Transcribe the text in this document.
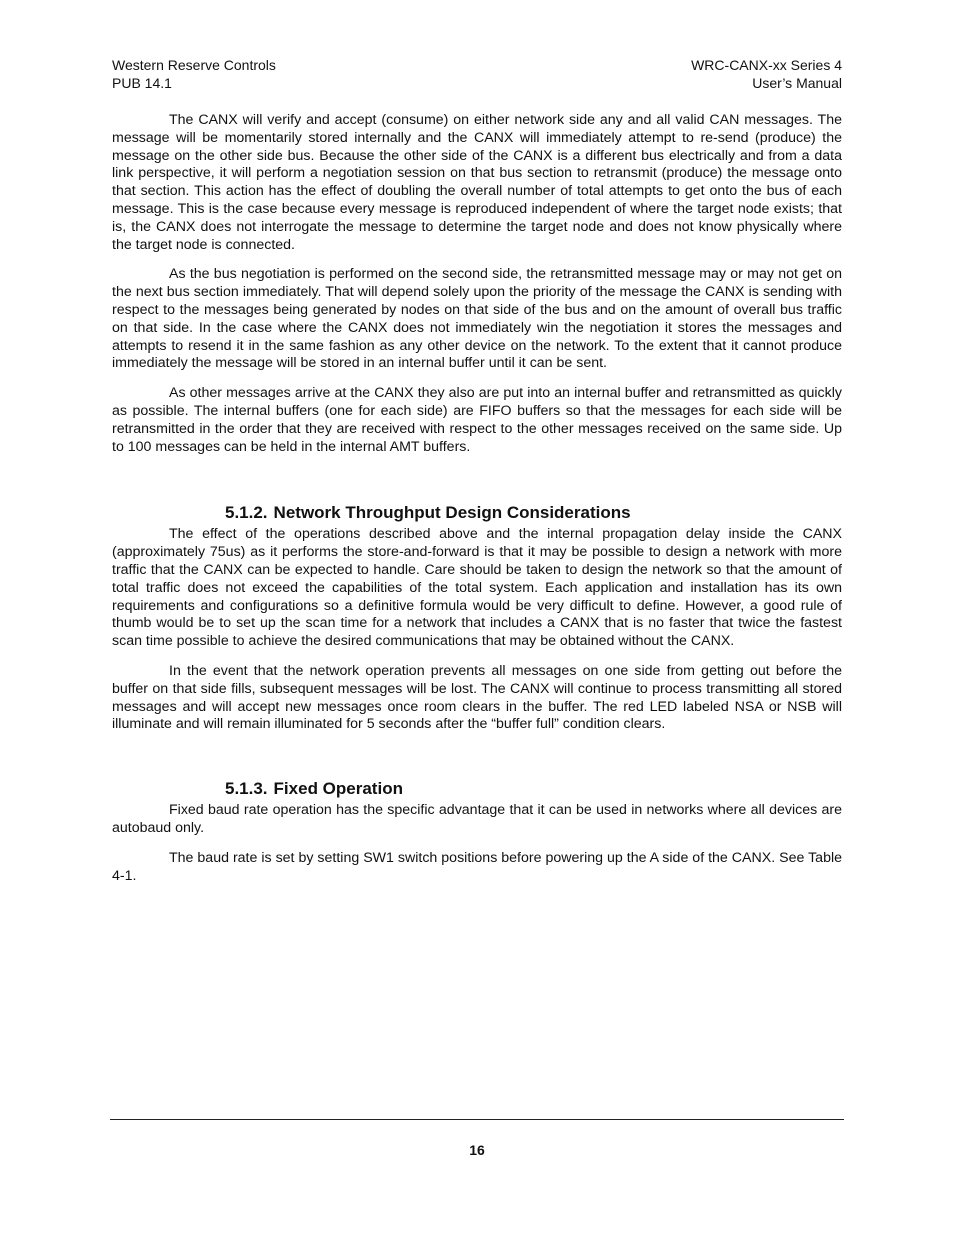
Western Reserve Controls	WRC-CANX-xx Series 4
PUB 14.1	User’s Manual

The CANX will verify and accept (consume) on either network side any and all valid CAN messages. The message will be momentarily stored internally and the CANX will immediately attempt to re-send (produce) the message on the other side bus. Because the other side of the CANX is a different bus electrically and from a data link perspective, it will perform a negotiation session on that bus section to retransmit (produce) the message onto that section. This action has the effect of doubling the overall number of total attempts to get onto the bus of each message. This is the case because every message is reproduced independent of where the target node exists; that is, the CANX does not interrogate the message to determine the target node and does not know physically where the target node is connected.

As the bus negotiation is performed on the second side, the retransmitted message may or may not get on the next bus section immediately. That will depend solely upon the priority of the message the CANX is sending with respect to the messages being generated by nodes on that side of the bus and on the amount of overall bus traffic on that side. In the case where the CANX does not immediately win the negotiation it stores the messages and attempts to resend it in the same fashion as any other device on the network. To the extent that it cannot produce immediately the message will be stored in an internal buffer until it can be sent.

As other messages arrive at the CANX they also are put into an internal buffer and retransmitted as quickly as possible. The internal buffers (one for each side) are FIFO buffers so that the messages for each side will be retransmitted in the order that they are received with respect to the other messages received on the same side. Up to 100 messages can be held in the internal AMT buffers.

5.1.2. Network Throughput Design Considerations

The effect of the operations described above and the internal propagation delay inside the CANX (approximately 75us) as it performs the store-and-forward is that it may be possible to design a network with more traffic that the CANX can be expected to handle. Care should be taken to design the network so that the amount of total traffic does not exceed the capabilities of the total system. Each application and installation has its own requirements and configurations so a definitive formula would be very difficult to define. However, a good rule of thumb would be to set up the scan time for a network that includes a CANX that is no faster that twice the fastest scan time possible to achieve the desired communications that may be obtained without the CANX.

In the event that the network operation prevents all messages on one side from getting out before the buffer on that side fills, subsequent messages will be lost. The CANX will continue to process transmitting all stored messages and will accept new messages once room clears in the buffer. The red LED labeled NSA or NSB will illuminate and will remain illuminated for 5 seconds after the “buffer full” condition clears.

5.1.3. Fixed Operation

Fixed baud rate operation has the specific advantage that it can be used in networks where all devices are autobaud only.

The baud rate is set by setting SW1 switch positions before powering up the A side of the CANX. See Table 4-1.

16
